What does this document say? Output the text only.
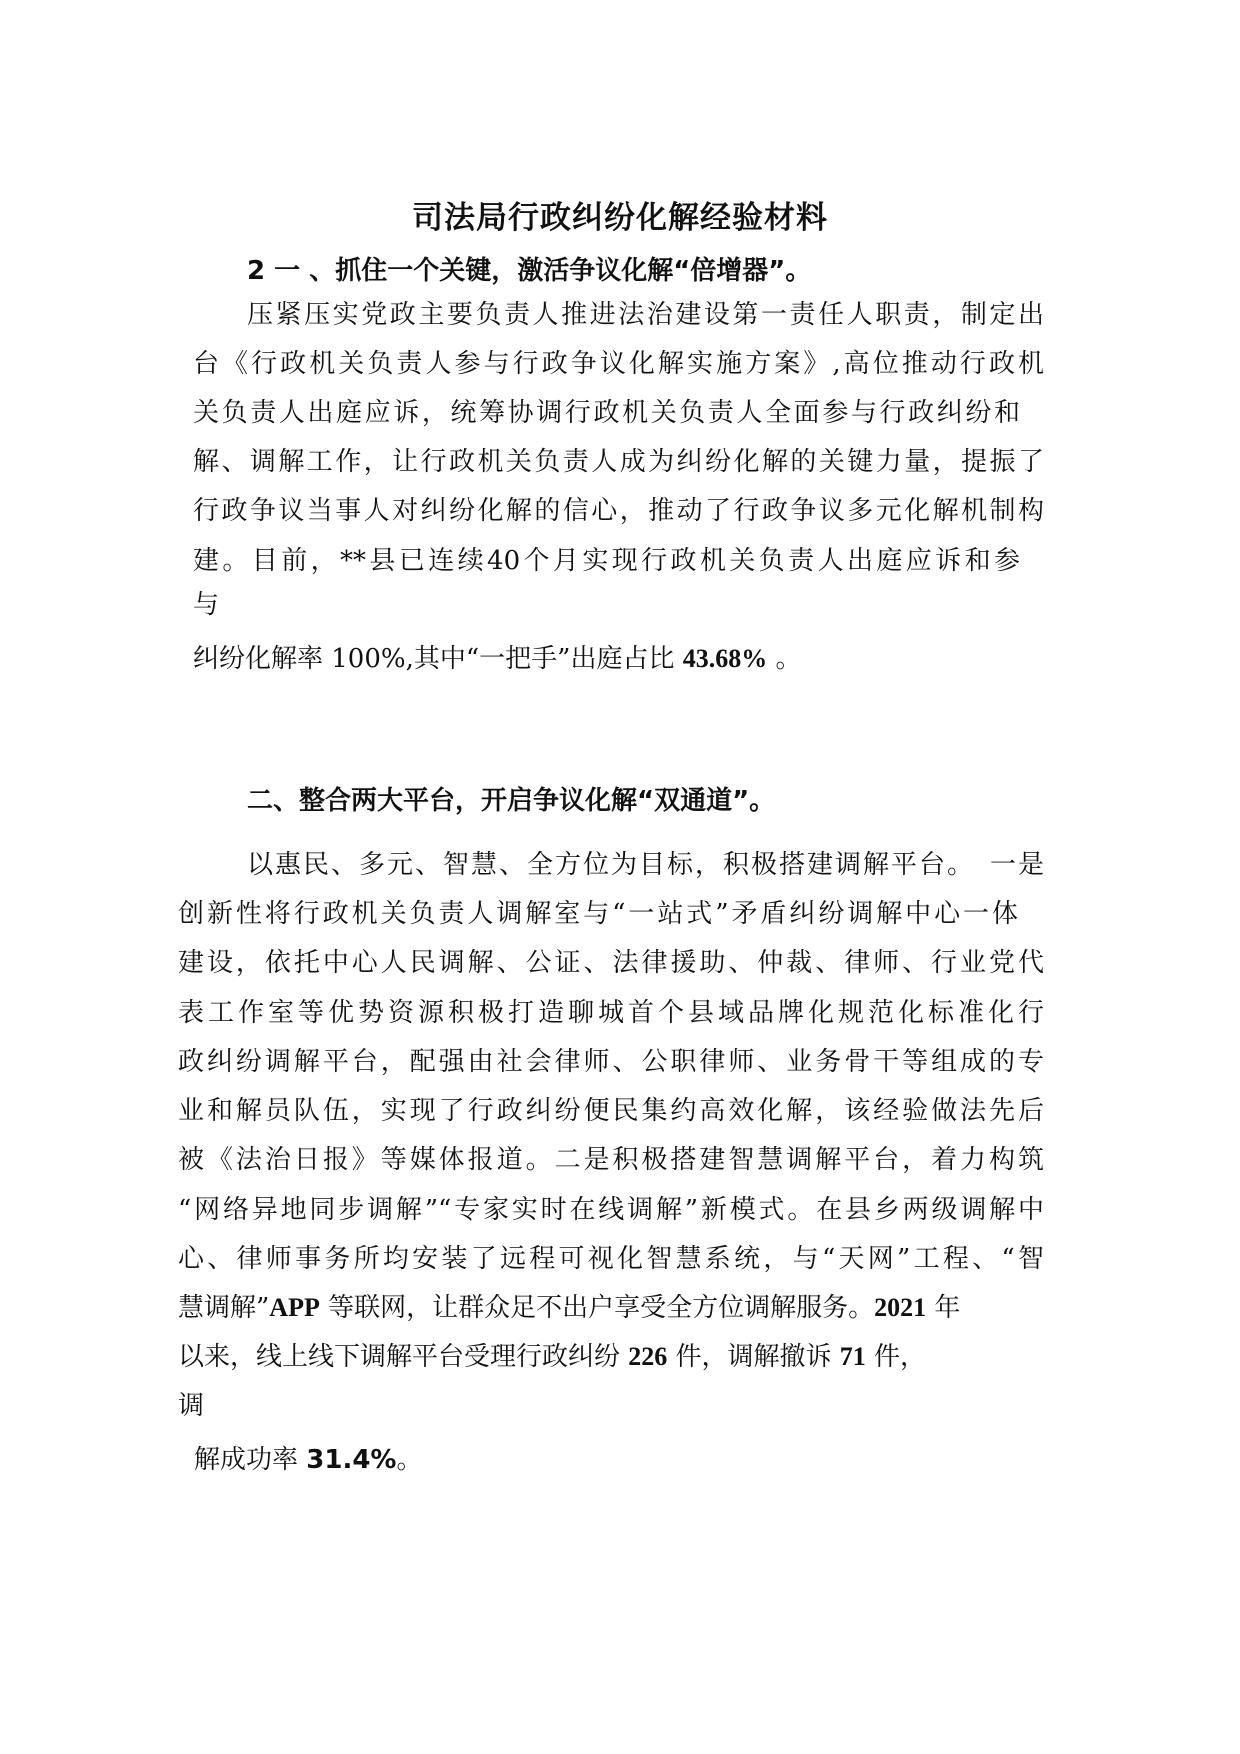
司法局行政纠纷化解经验材料
2 一 、抓住一个关键，激活争议化解“倍增器”。
压紧压实党政主要负责人推进法治建设第一责任人职责，制定出
台《行政机关负责人参与行政争议化解实施方案》,高位推动行政机
关负责人出庭应诉，统筹协调行政机关负责人全面参与行政纠纷和
解、调解工作，让行政机关负责人成为纠纷化解的关键力量，提振了
行政争议当事人对纠纷化解的信心，推动了行政争议多元化解机制构
建。目前，**县已连续40个月实现行政机关负责人出庭应诉和参
与
纠纷化解率 100%,其中“一把手”出庭占比 43.68% 。
二、整合两大平台，开启争议化解“双通道”。
以惠民、多元、智慧、全方位为目标，积极搭建调解平台。　一是
创新性将行政机关负责人调解室与“一站式”矛盾纠纷调解中心一体
建设，依托中心人民调解、公证、法律援助、仲裁、律师、行业党代
表工作室等优势资源积极打造聊城首个县域品牌化规范化标准化行
政纠纷调解平台，配强由社会律师、公职律师、业务骨干等组成的专
业和解员队伍，实现了行政纠纷便民集约高效化解，该经验做法先后
被《法治日报》等媒体报道。二是积极搭建智慧调解平台，着力构筑
“网络异地同步调解”“专家实时在线调解”新模式。在县乡两级调解中
心、律师事务所均安装了远程可视化智慧系统，与“天网”工程、“智
慧调解”APP 等联网，让群众足不出户享受全方位调解服务。2021 年
以来，线上线下调解平台受理行政纠纷 226 件，调解撤诉 71 件，
调
解成功率 31.4%。
